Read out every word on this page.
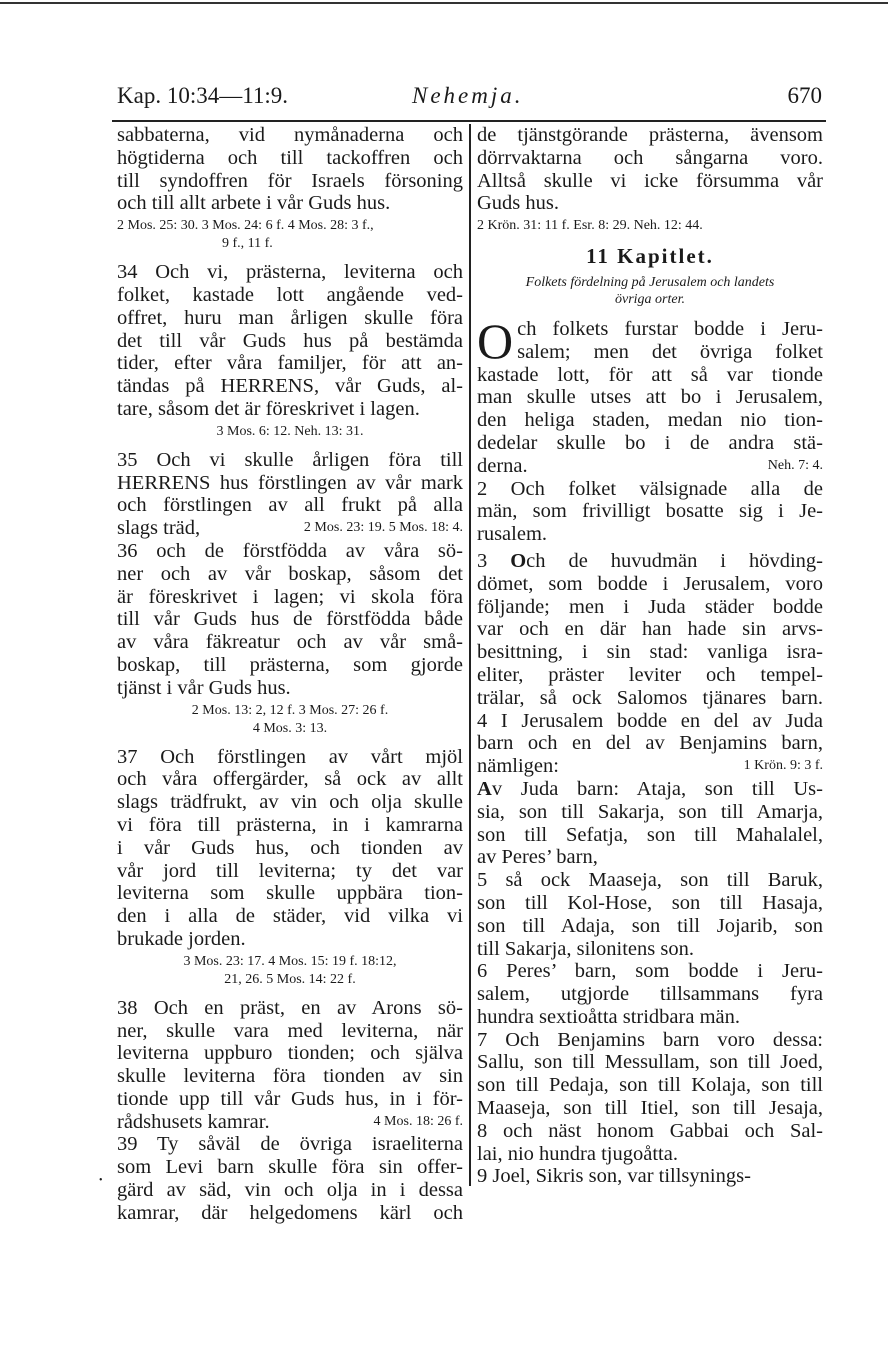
Kap. 10:34—11:9.	Nehemja.	670

sabbaterna, vid nymånaderna och

högtiderna och till tackoffren och

till syndoffren för Israels försoning

och till allt arbete i vår Guds hus.

2 Mos. 25: 30. 3 Mos. 24: 6 f. 4 Mos. 28: 3 f.,
9 f., 11 f.

34 Och vi, prästerna, leviterna och

folket, kastade lott angående ved-

offret, huru man årligen skulle föra

det till vår Guds hus på bestämda

tider, efter våra familjer, för att an-

tändas på HERRENS, vår Guds, al-

tare, såsom det är föreskrivet i lagen.

3 Mos. 6: 12. Neh. 13: 31.

35 Och vi skulle årligen föra till

HERRENS hus förstlingen av vår mark

och förstlingen av all frukt på alla

slags träd,	2 Mos. 23: 19. 5 Mos. 18: 4.

36 och de förstfödda av våra sö-

ner och av vår boskap, såsom det

är föreskrivet i lagen; vi skola föra

till vår Guds hus de förstfödda både

av våra fäkreatur och av vår små-

boskap, till prästerna, som gjorde

tjänst i vår Guds hus.

2 Mos. 13: 2, 12 f. 3 Mos. 27: 26 f.
4 Mos. 3: 13.

37 Och förstlingen av vårt mjöl

och våra offergärder, så ock av allt

slags trädfrukt, av vin och olja skulle

vi föra till prästerna, in i kamrarna

i vår Guds hus, och tionden av

vår jord till leviterna; ty det var

leviterna som skulle uppbära tion-

den i alla de städer, vid vilka vi

brukade jorden.

3 Mos. 23: 17. 4 Mos. 15: 19 f. 18:12,
21, 26. 5 Mos. 14: 22 f.

38 Och en präst, en av Arons sö-

ner, skulle vara med leviterna, när

leviterna uppburo tionden; och själva

skulle leviterna föra tionden av sin

tionde upp till vår Guds hus, in i för-

rådshusets kamrar.	4 Mos. 18: 26 f.

39 Ty såväl de övriga israeliterna

som Levi barn skulle föra sin offer-

gärd av säd, vin och olja in i dessa

kamrar, där helgedomens kärl och

de tjänstgörande prästerna, ävensom

dörrvaktarna och sångarna voro.

Alltså skulle vi icke försumma vår

Guds hus.

2 Krön. 31: 11 f. Esr. 8: 29. Neh. 12: 44.
11 Kapitlet.
Folkets fördelning på Jerusalem och landets
övriga orter.
O ch folkets furstar bodde i Jeru-

salem; men det övriga folket

kastade lott, för att så var tionde

man skulle utses att bo i Jerusalem,

den heliga staden, medan nio tion-

dedelar skulle bo i de andra stä-

derna.	Neh. 7: 4.

2 Och folket välsignade alla de

män, som frivilligt bosatte sig i Je-

rusalem.

3 Och de huvudmän i hövding-

dömet, som bodde i Jerusalem, voro

följande; men i Juda städer bodde

var och en där han hade sin arvs-

besittning, i sin stad: vanliga isra-

eliter, präster leviter och tempel-

trälar, så ock Salomos tjänares barn.

4 I Jerusalem bodde en del av Juda

barn och en del av Benjamins barn,

nämligen:	1 Krön. 9: 3 f.

Av Juda barn: Ataja, son till Us-

sia, son till Sakarja, son till Amarja,

son till Sefatja, son till Mahalalel,

av Peres’ barn,

5 så ock Maaseja, son till Baruk,

son till Kol-Hose, son till Hasaja,

son till Adaja, son till Jojarib, son

till Sakarja, silonitens son.

6 Peres’ barn, som bodde i Jeru-

salem, utgjorde tillsammans fyra

hundra sextioåtta stridbara män.

7 Och Benjamins barn voro dessa:

Sallu, son till Messullam, son till Joed,

son till Pedaja, son till Kolaja, son till

Maaseja, son till Itiel, son till Jesaja,

8 och näst honom Gabbai och Sal-

lai, nio hundra tjugoåtta.

9 Joel, Sikris son, var tillsynings-

•
